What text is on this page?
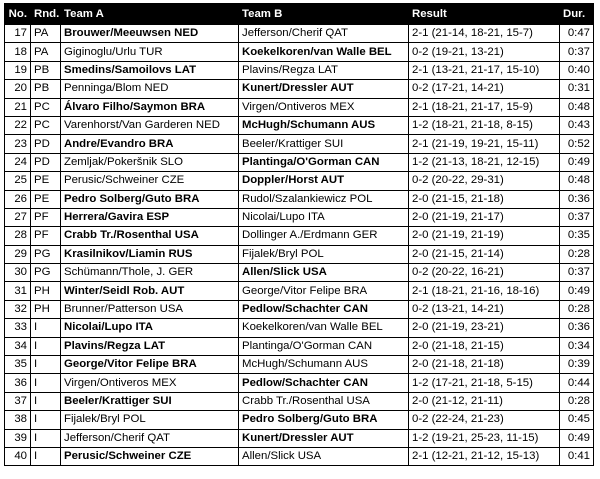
No.	Rnd.	Team A	Team B	Result	Dur.
17	PA	Brouwer/Meeuwsen NED	Jefferson/Cherif QAT	2-1 (21-14, 18-21, 15-7)	0:47
18	PA	Giginoglu/Urlu TUR	Koekelkoren/van Walle BEL	0-2 (19-21, 13-21)	0:37
19	PB	Smedins/Samoilovs LAT	Plavins/Regza LAT	2-1 (13-21, 21-17, 15-10)	0:40
20	PB	Penninga/Blom NED	Kunert/Dressler AUT	0-2 (17-21, 14-21)	0:31
21	PC	Álvaro Filho/Saymon BRA	Virgen/Ontiveros MEX	2-1 (18-21, 21-17, 15-9)	0:48
22	PC	Varenhorst/Van Garderen NED	McHugh/Schumann AUS	1-2 (18-21, 21-18, 8-15)	0:43
23	PD	Andre/Evandro BRA	Beeler/Krattiger SUI	2-1 (21-19, 19-21, 15-11)	0:52
24	PD	Zemljak/Pokeršnik SLO	Plantinga/O'Gorman CAN	1-2 (21-13, 18-21, 12-15)	0:49
25	PE	Perusic/Schweiner CZE	Doppler/Horst AUT	0-2 (20-22, 29-31)	0:48
26	PE	Pedro Solberg/Guto BRA	Rudol/Szalankiewicz POL	2-0 (21-15, 21-18)	0:36
27	PF	Herrera/Gavira ESP	Nicolai/Lupo ITA	2-0 (21-19, 21-17)	0:37
28	PF	Crabb Tr./Rosenthal USA	Dollinger A./Erdmann GER	2-0 (21-19, 21-19)	0:35
29	PG	Krasilnikov/Liamin RUS	Fijalek/Bryl POL	2-0 (21-15, 21-14)	0:28
30	PG	Schümann/Thole, J. GER	Allen/Slick USA	0-2 (20-22, 16-21)	0:37
31	PH	Winter/Seidl Rob. AUT	George/Vitor Felipe BRA	2-1 (18-21, 21-16, 18-16)	0:49
32	PH	Brunner/Patterson USA	Pedlow/Schachter CAN	0-2 (13-21, 14-21)	0:28
33	I	Nicolai/Lupo ITA	Koekelkoren/van Walle BEL	2-0 (21-19, 23-21)	0:36
34	I	Plavins/Regza LAT	Plantinga/O'Gorman CAN	2-0 (21-18, 21-15)	0:34
35	I	George/Vitor Felipe BRA	McHugh/Schumann AUS	2-0 (21-18, 21-18)	0:39
36	I	Virgen/Ontiveros MEX	Pedlow/Schachter CAN	1-2 (17-21, 21-18, 5-15)	0:44
37	I	Beeler/Krattiger SUI	Crabb Tr./Rosenthal USA	2-0 (21-12, 21-11)	0:28
38	I	Fijalek/Bryl POL	Pedro Solberg/Guto BRA	0-2 (22-24, 21-23)	0:45
39	I	Jefferson/Cherif QAT	Kunert/Dressler AUT	1-2 (19-21, 25-23, 11-15)	0:49
40	I	Perusic/Schweiner CZE	Allen/Slick USA	2-1 (12-21, 21-12, 15-13)	0:41
